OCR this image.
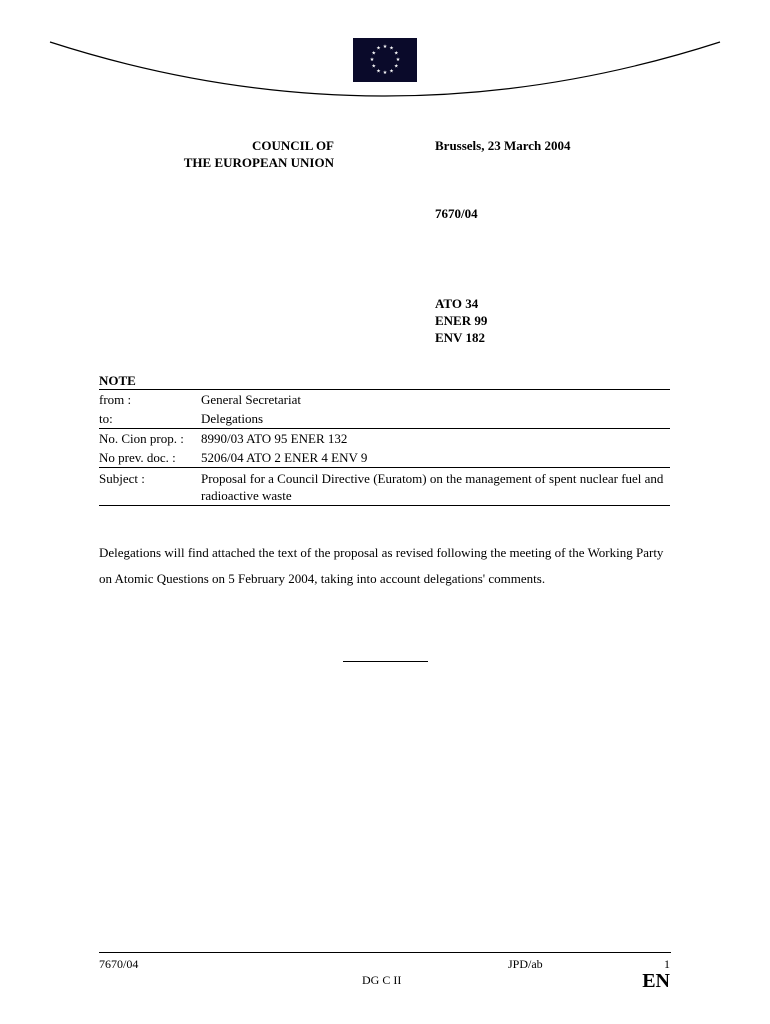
★ ★
★
★
★
★
★
★
★
★
★
★
COUNCIL OF
THE EUROPEAN UNION
Brussels, 23 March 2004
7670/04
ATO 34
ENER 99
ENV 182
NOTE
from :	General Secretariat
to:	Delegations
No. Cion prop. :	8990/03 ATO 95 ENER 132
No prev. doc. :	5206/04 ATO 2 ENER 4 ENV 9
Subject :	Proposal for a Council Directive (Euratom) on the management of spent nuclear fuel and radioactive waste
Delegations will find attached the text of the proposal as revised following the meeting of the Working Party on Atomic Questions on 5 February 2004, taking into account delegations' comments.
7670/04	JPD/ab	1
DG C II	EN
